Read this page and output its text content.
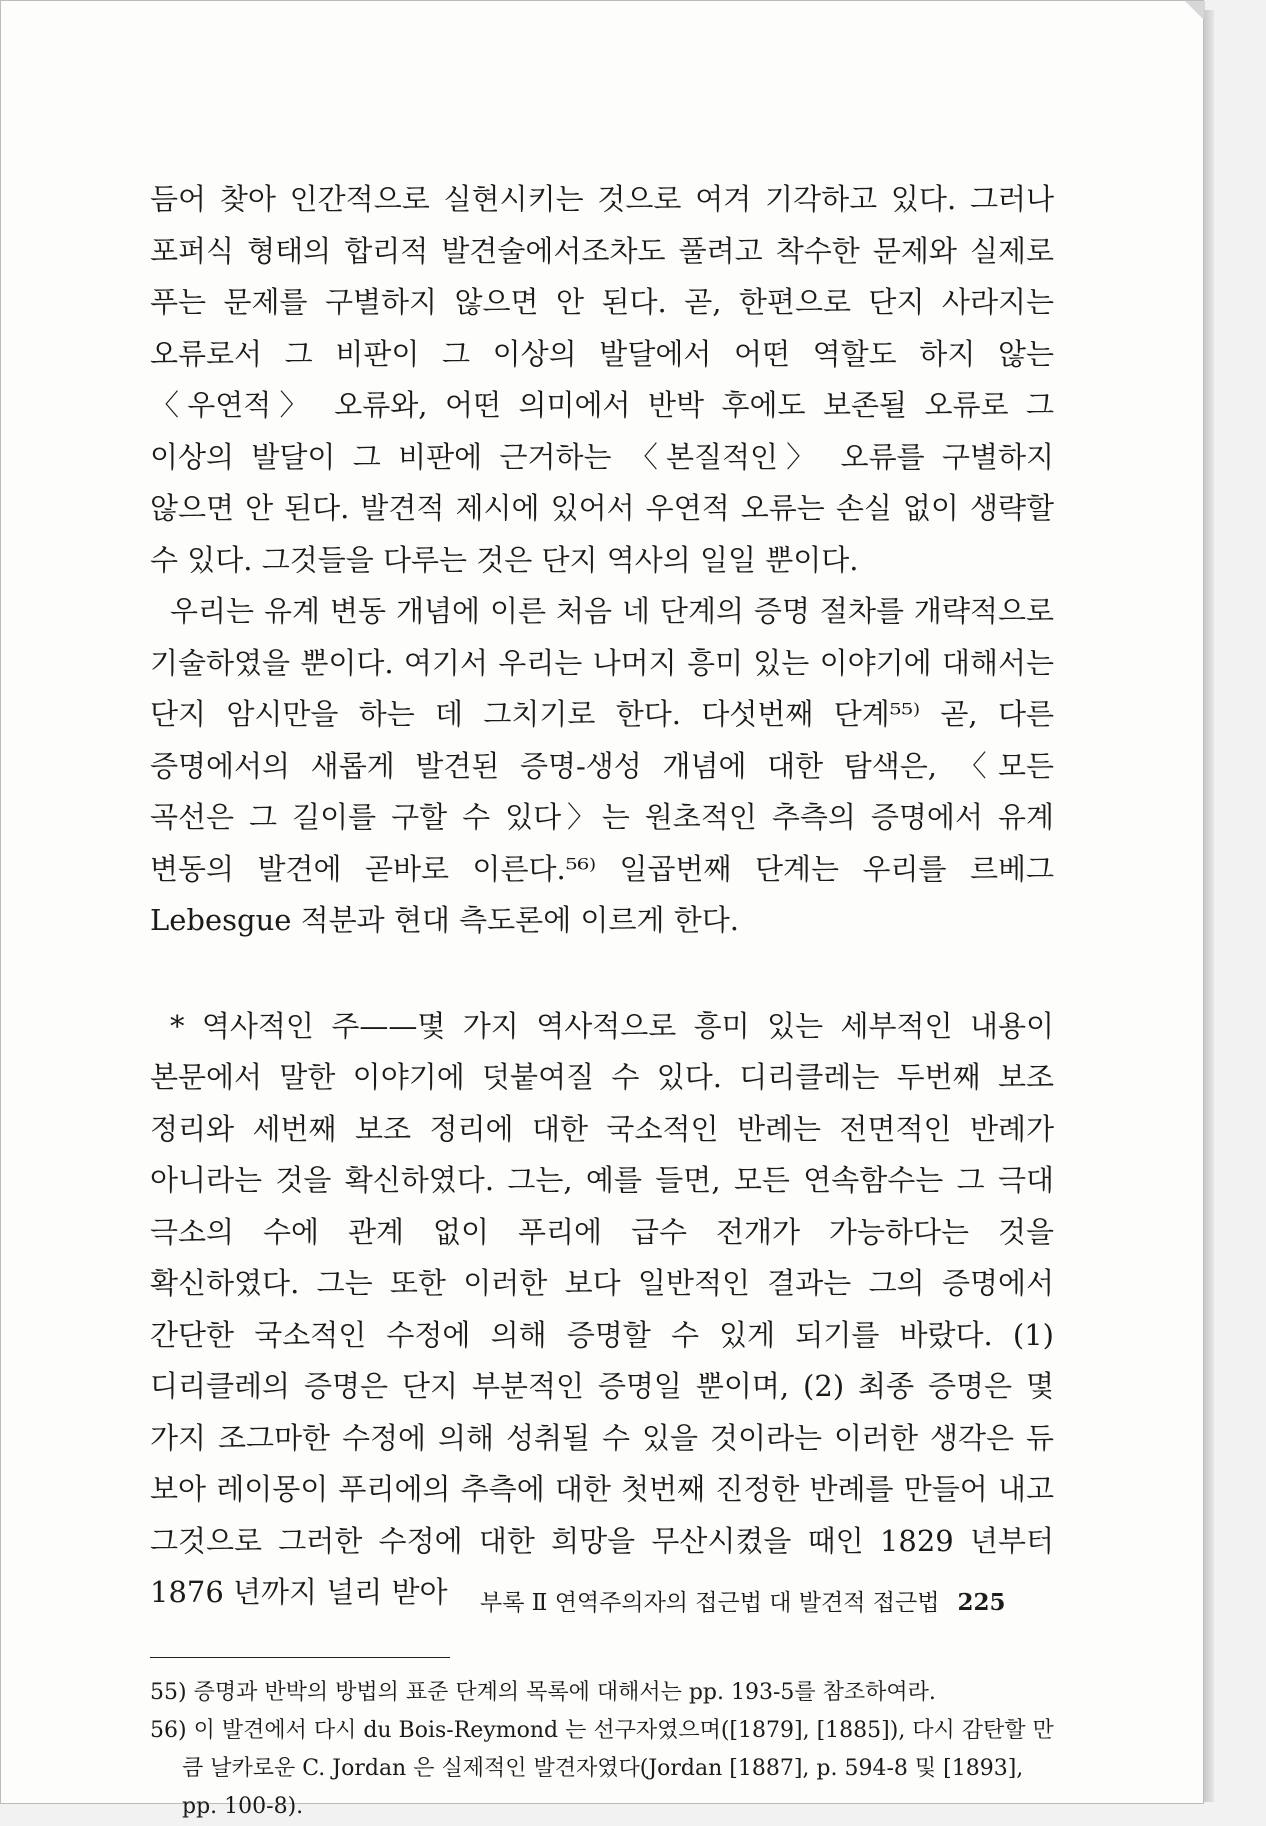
듬어 찾아 인간적으로 실현시키는 것으로 여겨 기각하고 있다. 그러나 포퍼식 형태의 합리적 발견술에서조차도 풀려고 착수한 문제와 실제로 푸는 문제를 구별하지 않으면 안 된다. 곧, 한편으로 단지 사라지는 오류로서 그 비판이 그 이상의 발달에서 어떤 역할도 하지 않는 〈우연적〉 오류와, 어떤 의미에서 반박 후에도 보존될 오류로 그 이상의 발달이 그 비판에 근거하는 〈본질적인〉 오류를 구별하지 않으면 안 된다. 발견적 제시에 있어서 우연적 오류는 손실 없이 생략할 수 있다. 그것들을 다루는 것은 단지 역사의 일일 뿐이다.

우리는 유계 변동 개념에 이른 처음 네 단계의 증명 절차를 개략적으로 기술하였을 뿐이다. 여기서 우리는 나머지 흥미 있는 이야기에 대해서는 단지 암시만을 하는 데 그치기로 한다. 다섯번째 단계⁵⁵⁾ 곧, 다른 증명에서의 새롭게 발견된 증명-생성 개념에 대한 탐색은, 〈모든 곡선은 그 길이를 구할 수 있다〉는 원초적인 추측의 증명에서 유계 변동의 발견에 곧바로 이른다.⁵⁶⁾ 일곱번째 단계는 우리를 르베그 Lebesgue 적분과 현대 측도론에 이르게 한다.

* 역사적인 주——몇 가지 역사적으로 흥미 있는 세부적인 내용이 본문에서 말한 이야기에 덧붙여질 수 있다. 디리클레는 두번째 보조 정리와 세번째 보조 정리에 대한 국소적인 반례는 전면적인 반례가 아니라는 것을 확신하였다. 그는, 예를 들면, 모든 연속함수는 그 극대 극소의 수에 관계 없이 푸리에 급수 전개가 가능하다는 것을 확신하였다. 그는 또한 이러한 보다 일반적인 결과는 그의 증명에서 간단한 국소적인 수정에 의해 증명할 수 있게 되기를 바랐다. (1) 디리클레의 증명은 단지 부분적인 증명일 뿐이며, (2) 최종 증명은 몇 가지 조그마한 수정에 의해 성취될 수 있을 것이라는 이러한 생각은 듀 보아 레이몽이 푸리에의 추측에 대한 첫번째 진정한 반례를 만들어 내고 그것으로 그러한 수정에 대한 희망을 무산시켰을 때인 1829 년부터 1876 년까지 널리 받아

55) 증명과 반박의 방법의 표준 단계의 목록에 대해서는 pp. 193-5를 참조하여라.

56) 이 발견에서 다시 du Bois-Reymond 는 선구자였으며([1879], [1885]), 다시 감탄할 만큼 날카로운 C. Jordan 은 실제적인 발견자였다(Jordan [1887], p. 594-8 및 [1893], pp. 100-8).

부록 Ⅱ 연역주의자의 접근법 대 발견적 접근법 225
